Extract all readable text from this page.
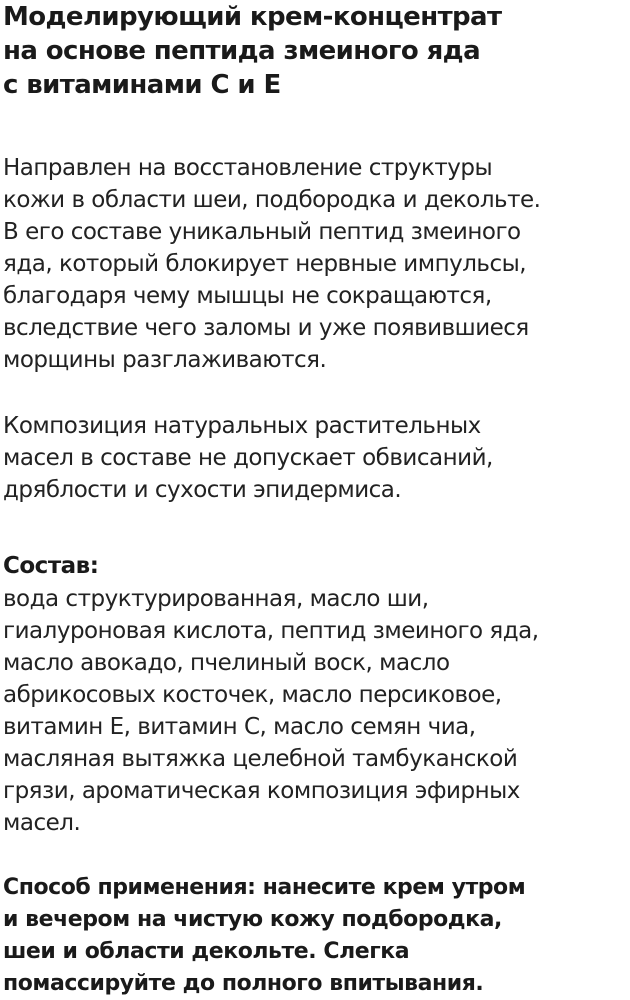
Моделирующий крем-концентрат
на основе пептида змеиного яда
с витаминами С и Е
Направлен на восстановление структуры
кожи в области шеи, подбородка и декольте.
В его составе уникальный пептид змеиного
яда, который блокирует нервные импульсы,
благодаря чему мышцы не сокращаются,
вследствие чего заломы и уже появившиеся
морщины разглаживаются.
Композиция натуральных растительных
масел в составе не допускает обвисаний,
дряблости и сухости эпидермиса.
Состав:
вода структурированная, масло ши,
гиалуроновая кислота, пептид змеиного яда,
масло авокадо, пчелиный воск, масло
абрикосовых косточек, масло персиковое,
витамин Е, витамин С, масло семян чиа,
масляная вытяжка целебной тамбуканской
грязи, ароматическая композиция эфирных
масел.
Способ применения: нанесите крем утром
и вечером на чистую кожу подбородка,
шеи и области декольте. Слегка
помассируйте до полного впитывания.
